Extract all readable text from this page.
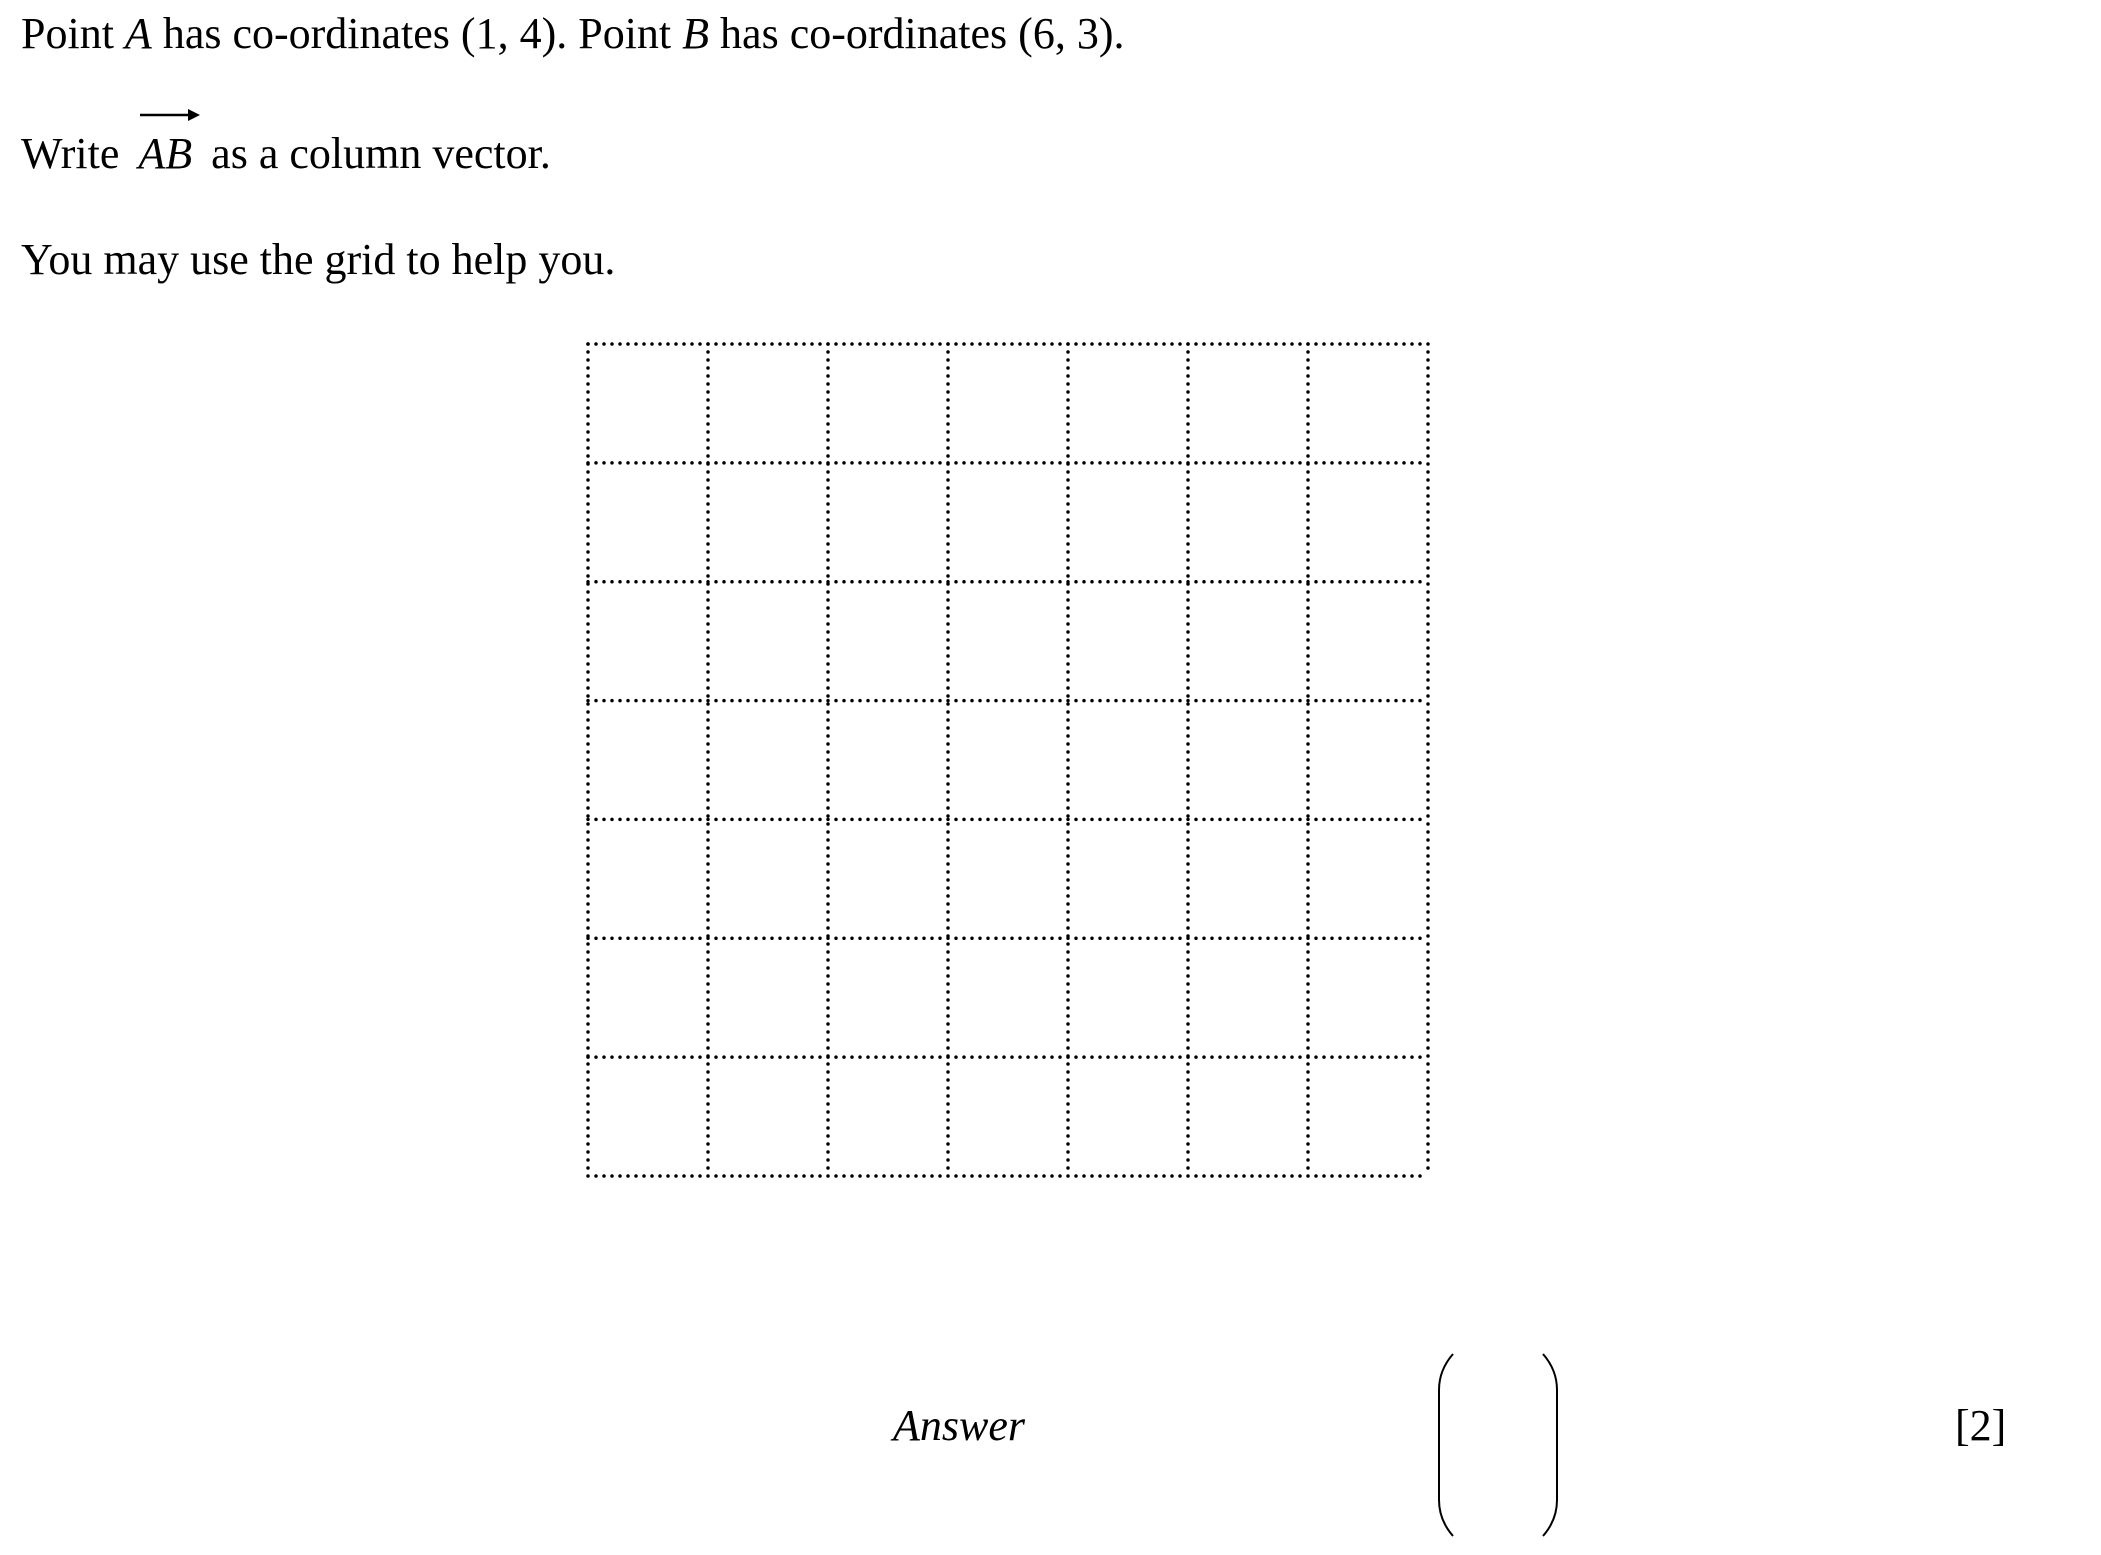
Point A has co-ordinates (1, 4). Point B has co-ordinates (6, 3).
Write AB as a column vector.
You may use the grid to help you.
Answer	[2]
